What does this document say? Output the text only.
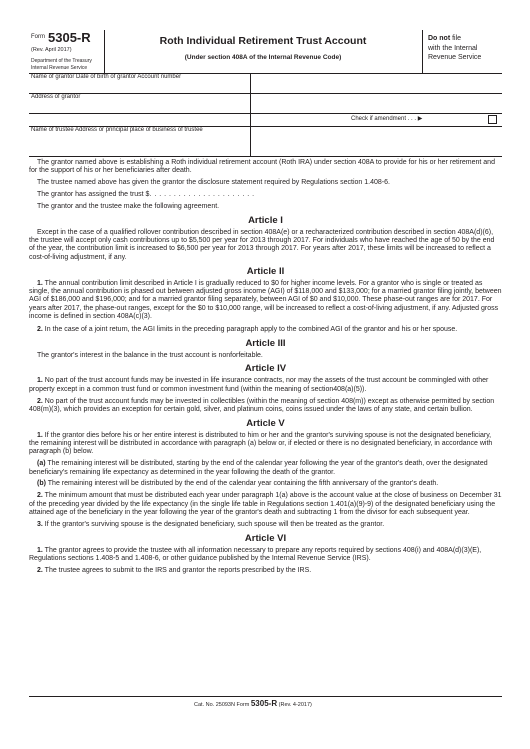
Form 5305-R
(Rev. April 2017)
Department of the Treasury
Internal Revenue Service
Roth Individual Retirement Trust Account
(Under section 408A of the Internal Revenue Code)
Do not file
with the Internal
Revenue Service
Name of grantor Date of birth of grantor Account number
Address of grantor
Check if amendment . . . ▶
Name of trustee Address or principal place of business of trustee

The grantor named above is establishing a Roth individual retirement account (Roth IRA) under section 408A to provide for his or her retirement and for the support of his or her beneficiaries after death.

The trustee named above has given the grantor the disclosure statement required by Regulations section 1.408-6.

The grantor has assigned the trust $. . . . . . . . . . . . . . . . . . . . . .

The grantor and the trustee make the following agreement.

Article I

Except in the case of a qualified rollover contribution described in section 408A(e) or a recharacterized contribution described in section 408A(d)(6), the trustee will accept only cash contributions up to $5,500 per year for 2013 through 2017. For individuals who have reached the age of 50 by the end of the year, the contribution limit is increased to $6,500 per year for 2013 through 2017. For years after 2017, these limits will be increased to reflect a cost-of-living adjustment, if any.

Article II

1. The annual contribution limit described in Article I is gradually reduced to $0 for higher income levels. For a grantor who is single or treated as single, the annual contribution is phased out between adjusted gross income (AGI) of $118,000 and $133,000; for a married grantor filing jointly, between AGI of $186,000 and $196,000; and for a married grantor filing separately, between AGI of $0 and $10,000. These phase-out ranges are for 2017. For years after 2017, the phase-out ranges, except for the $0 to $10,000 range, will be increased to reflect a cost-of-living adjustment, if any. Adjusted gross income is defined in section 408A(c)(3).

2. In the case of a joint return, the AGI limits in the preceding paragraph apply to the combined AGI of the grantor and his or her spouse.

Article III

The grantor's interest in the balance in the trust account is nonforfeitable.

Article IV

1. No part of the trust account funds may be invested in life insurance contracts, nor may the assets of the trust account be commingled with other property except in a common trust fund or common investment fund (within the meaning of section408(a)(5)).

2. No part of the trust account funds may be invested in collectibles (within the meaning of section 408(m)) except as otherwise permitted by section 408(m)(3), which provides an exception for certain gold, silver, and platinum coins, coins issued under the laws of any state, and certain bullion.

Article V

1. If the grantor dies before his or her entire interest is distributed to him or her and the grantor's surviving spouse is not the designated beneficiary, the remaining interest will be distributed in accordance with paragraph (a) below or, if elected or there is no designated beneficiary, in accordance with paragraph (b) below.

(a) The remaining interest will be distributed, starting by the end of the calendar year following the year of the grantor's death, over the designated beneficiary's remaining life expectancy as determined in the year following the death of the grantor.

(b) The remaining interest will be distributed by the end of the calendar year containing the fifth anniversary of the grantor's death.

2. The minimum amount that must be distributed each year under paragraph 1(a) above is the account value at the close of business on December 31 of the preceding year divided by the life expectancy (in the single life table in Regulations section 1.401(a)(9)-9) of the designated beneficiary using the attained age of the beneficiary in the year following the year of the grantor's death and subtracting 1 from the divisor for each subsequent year.

3. If the grantor's surviving spouse is the designated beneficiary, such spouse will then be treated as the grantor.

Article VI

1. The grantor agrees to provide the trustee with all information necessary to prepare any reports required by sections 408(i) and 408A(d)(3)(E), Regulations sections 1.408-5 and 1.408-6, or other guidance published by the Internal Revenue Service (IRS).

2. The trustee agrees to submit to the IRS and grantor the reports prescribed by the IRS.

Cat. No. 25093N Form 5305-R (Rev. 4-2017)
